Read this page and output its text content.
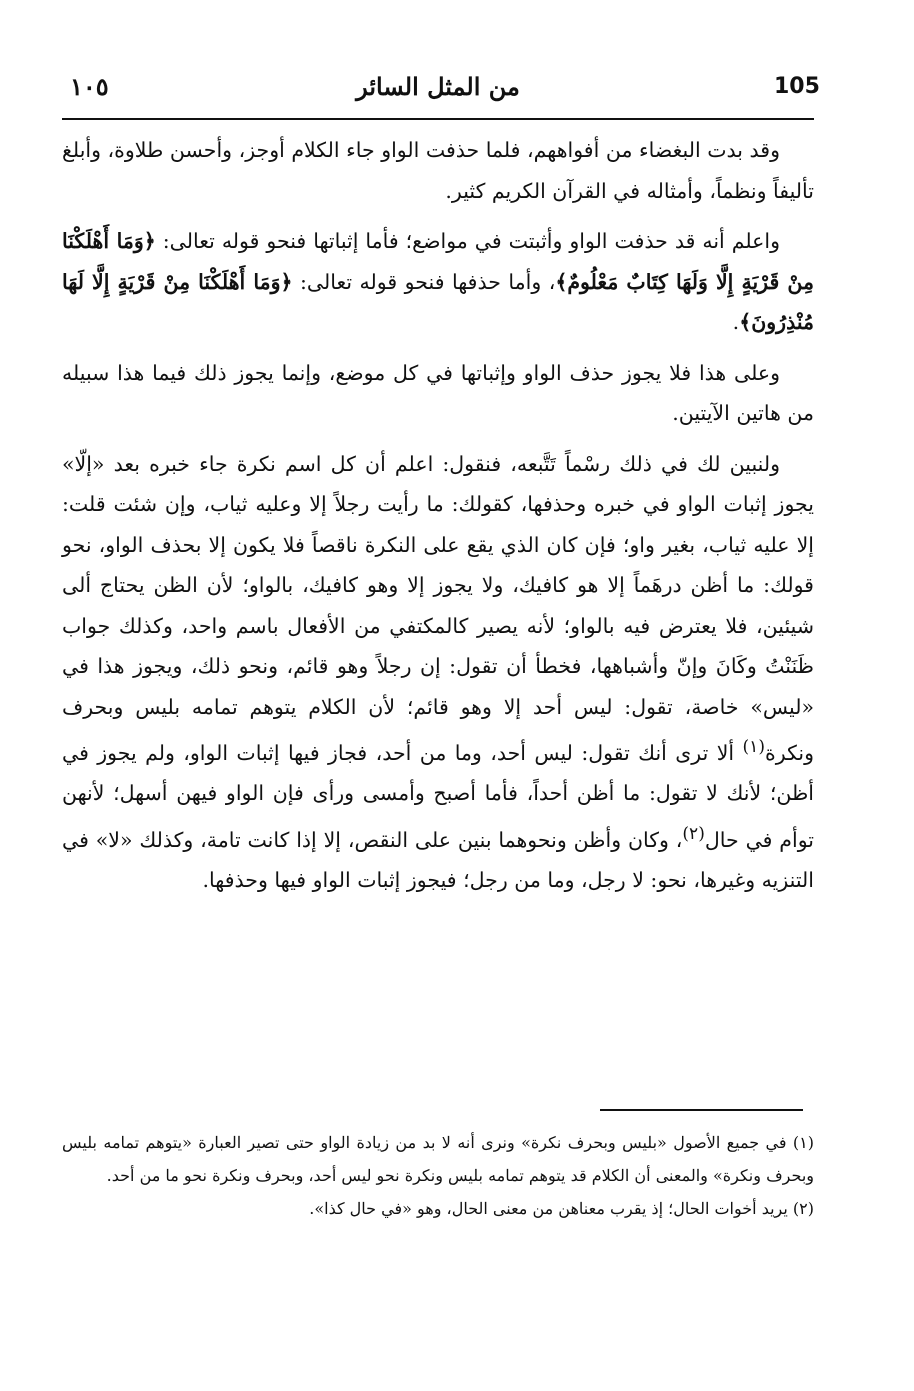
105
من المثل السائر
١٠٥

وقد بدت البغضاء من أفواههم، فلما حذفت الواو جاء الكلام أوجز، وأحسن طلاوة، وأبلغ تأليفاً ونظماً، وأمثاله في القرآن الكريم كثير.

واعلم أنه قد حذفت الواو وأثبتت في مواضع؛ فأما إثباتها فنحو قوله تعالى: ﴿وَمَا أَهْلَكْنَا مِنْ قَرْيَةٍ إِلَّا وَلَهَا كِتَابٌ مَعْلُومٌ﴾، وأما حذفها فنحو قوله تعالى: ﴿وَمَا أَهْلَكْنَا مِنْ قَرْيَةٍ إِلَّا لَهَا مُنْذِرُونَ﴾.

وعلى هذا فلا يجوز حذف الواو وإثباتها في كل موضع، وإنما يجوز ذلك فيما هذا سبيله من هاتين الآيتين.

ولنبين لك في ذلك رسْماً تَتَّبعه، فنقول: اعلم أن كل اسم نكرة جاء خبره بعد «إلّا» يجوز إثبات الواو في خبره وحذفها، كقولك: ما رأيت رجلاً إلا وعليه ثياب، وإن شئت قلت: إلا عليه ثياب، بغير واو؛ فإن كان الذي يقع على النكرة ناقصاً فلا يكون إلا بحذف الواو، نحو قولك: ما أظن درهَماً إلا هو كافيك، ولا يجوز إلا وهو كافيك، بالواو؛ لأن الظن يحتاج ألى شيئين، فلا يعترض فيه بالواو؛ لأنه يصير كالمكتفي من الأفعال باسم واحد، وكذلك جواب ظَنَنْتُ وكَانَ وإنّ وأشباهها، فخطأ أن تقول: إن رجلاً وهو قائم، ونحو ذلك، ويجوز هذا في «ليس» خاصة، تقول: ليس أحد إلا وهو قائم؛ لأن الكلام يتوهم تمامه بليس وبحرف ونكرة$^{(١)}$ ألا ترى أنك تقول: ليس أحد، وما من أحد، فجاز فيها إثبات الواو، ولم يجوز في أظن؛ لأنك لا تقول: ما أظن أحداً، فأما أصبح وأمسى ورأى فإن الواو فيهن أسهل؛ لأنهن توأم في حال$^{(٢)}$، وكان وأظن ونحوهما بنين على النقص، إلا إذا كانت تامة، وكذلك «لا» في التنزيه وغيرها، نحو: لا رجل، وما من رجل؛ فيجوز إثبات الواو فيها وحذفها.

(١) في جميع الأصول «بليس وبحرف نكرة» ونرى أنه لا بد من زيادة الواو حتى تصير العبارة «يتوهم تمامه بليس وبحرف ونكرة» والمعنى أن الكلام قد يتوهم تمامه بليس ونكرة نحو ليس أحد، وبحرف ونكرة نحو ما من أحد.

(٢) يريد أخوات الحال؛ إذ يقرب معناهن من معنى الحال، وهو «في حال كذا».
